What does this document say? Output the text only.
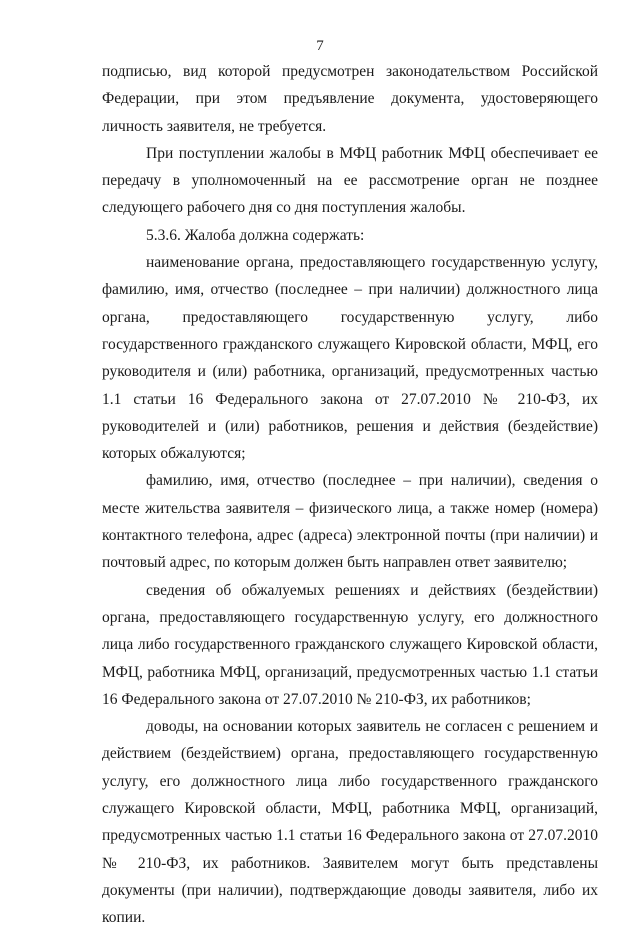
7

подписью, вид которой предусмотрен законодательством Российской Федерации, при этом предъявление документа, удостоверяющего личность заявителя, не требуется.

При поступлении жалобы в МФЦ работник МФЦ обеспечивает ее передачу в уполномоченный на ее рассмотрение орган не позднее следующего рабочего дня со дня поступления жалобы.

5.3.6. Жалоба должна содержать:

наименование органа, предоставляющего государственную услугу, фамилию, имя, отчество (последнее – при наличии) должностного лица органа, предоставляющего государственную услугу, либо государственного гражданского служащего Кировской области, МФЦ, его руководителя и (или) работника, организаций, предусмотренных частью 1.1 статьи 16 Федерального закона от 27.07.2010 № 210-ФЗ, их руководителей и (или) работников, решения и действия (бездействие) которых обжалуются;

фамилию, имя, отчество (последнее – при наличии), сведения о месте жительства заявителя – физического лица, а также номер (номера) контактного телефона, адрес (адреса) электронной почты (при наличии) и почтовый адрес, по которым должен быть направлен ответ заявителю;

сведения об обжалуемых решениях и действиях (бездействии) органа, предоставляющего государственную услугу, его должностного лица либо государственного гражданского служащего Кировской области, МФЦ, работника МФЦ, организаций, предусмотренных частью 1.1 статьи 16 Федерального закона от 27.07.2010 № 210-ФЗ, их работников;

доводы, на основании которых заявитель не согласен с решением и действием (бездействием) органа, предоставляющего государственную услугу, его должностного лица либо государственного гражданского служащего Кировской области, МФЦ, работника МФЦ, организаций, предусмотренных частью 1.1 статьи 16 Федерального закона от 27.07.2010 № 210-ФЗ, их работников. Заявителем могут быть представлены документы (при наличии), подтверждающие доводы заявителя, либо их копии.
